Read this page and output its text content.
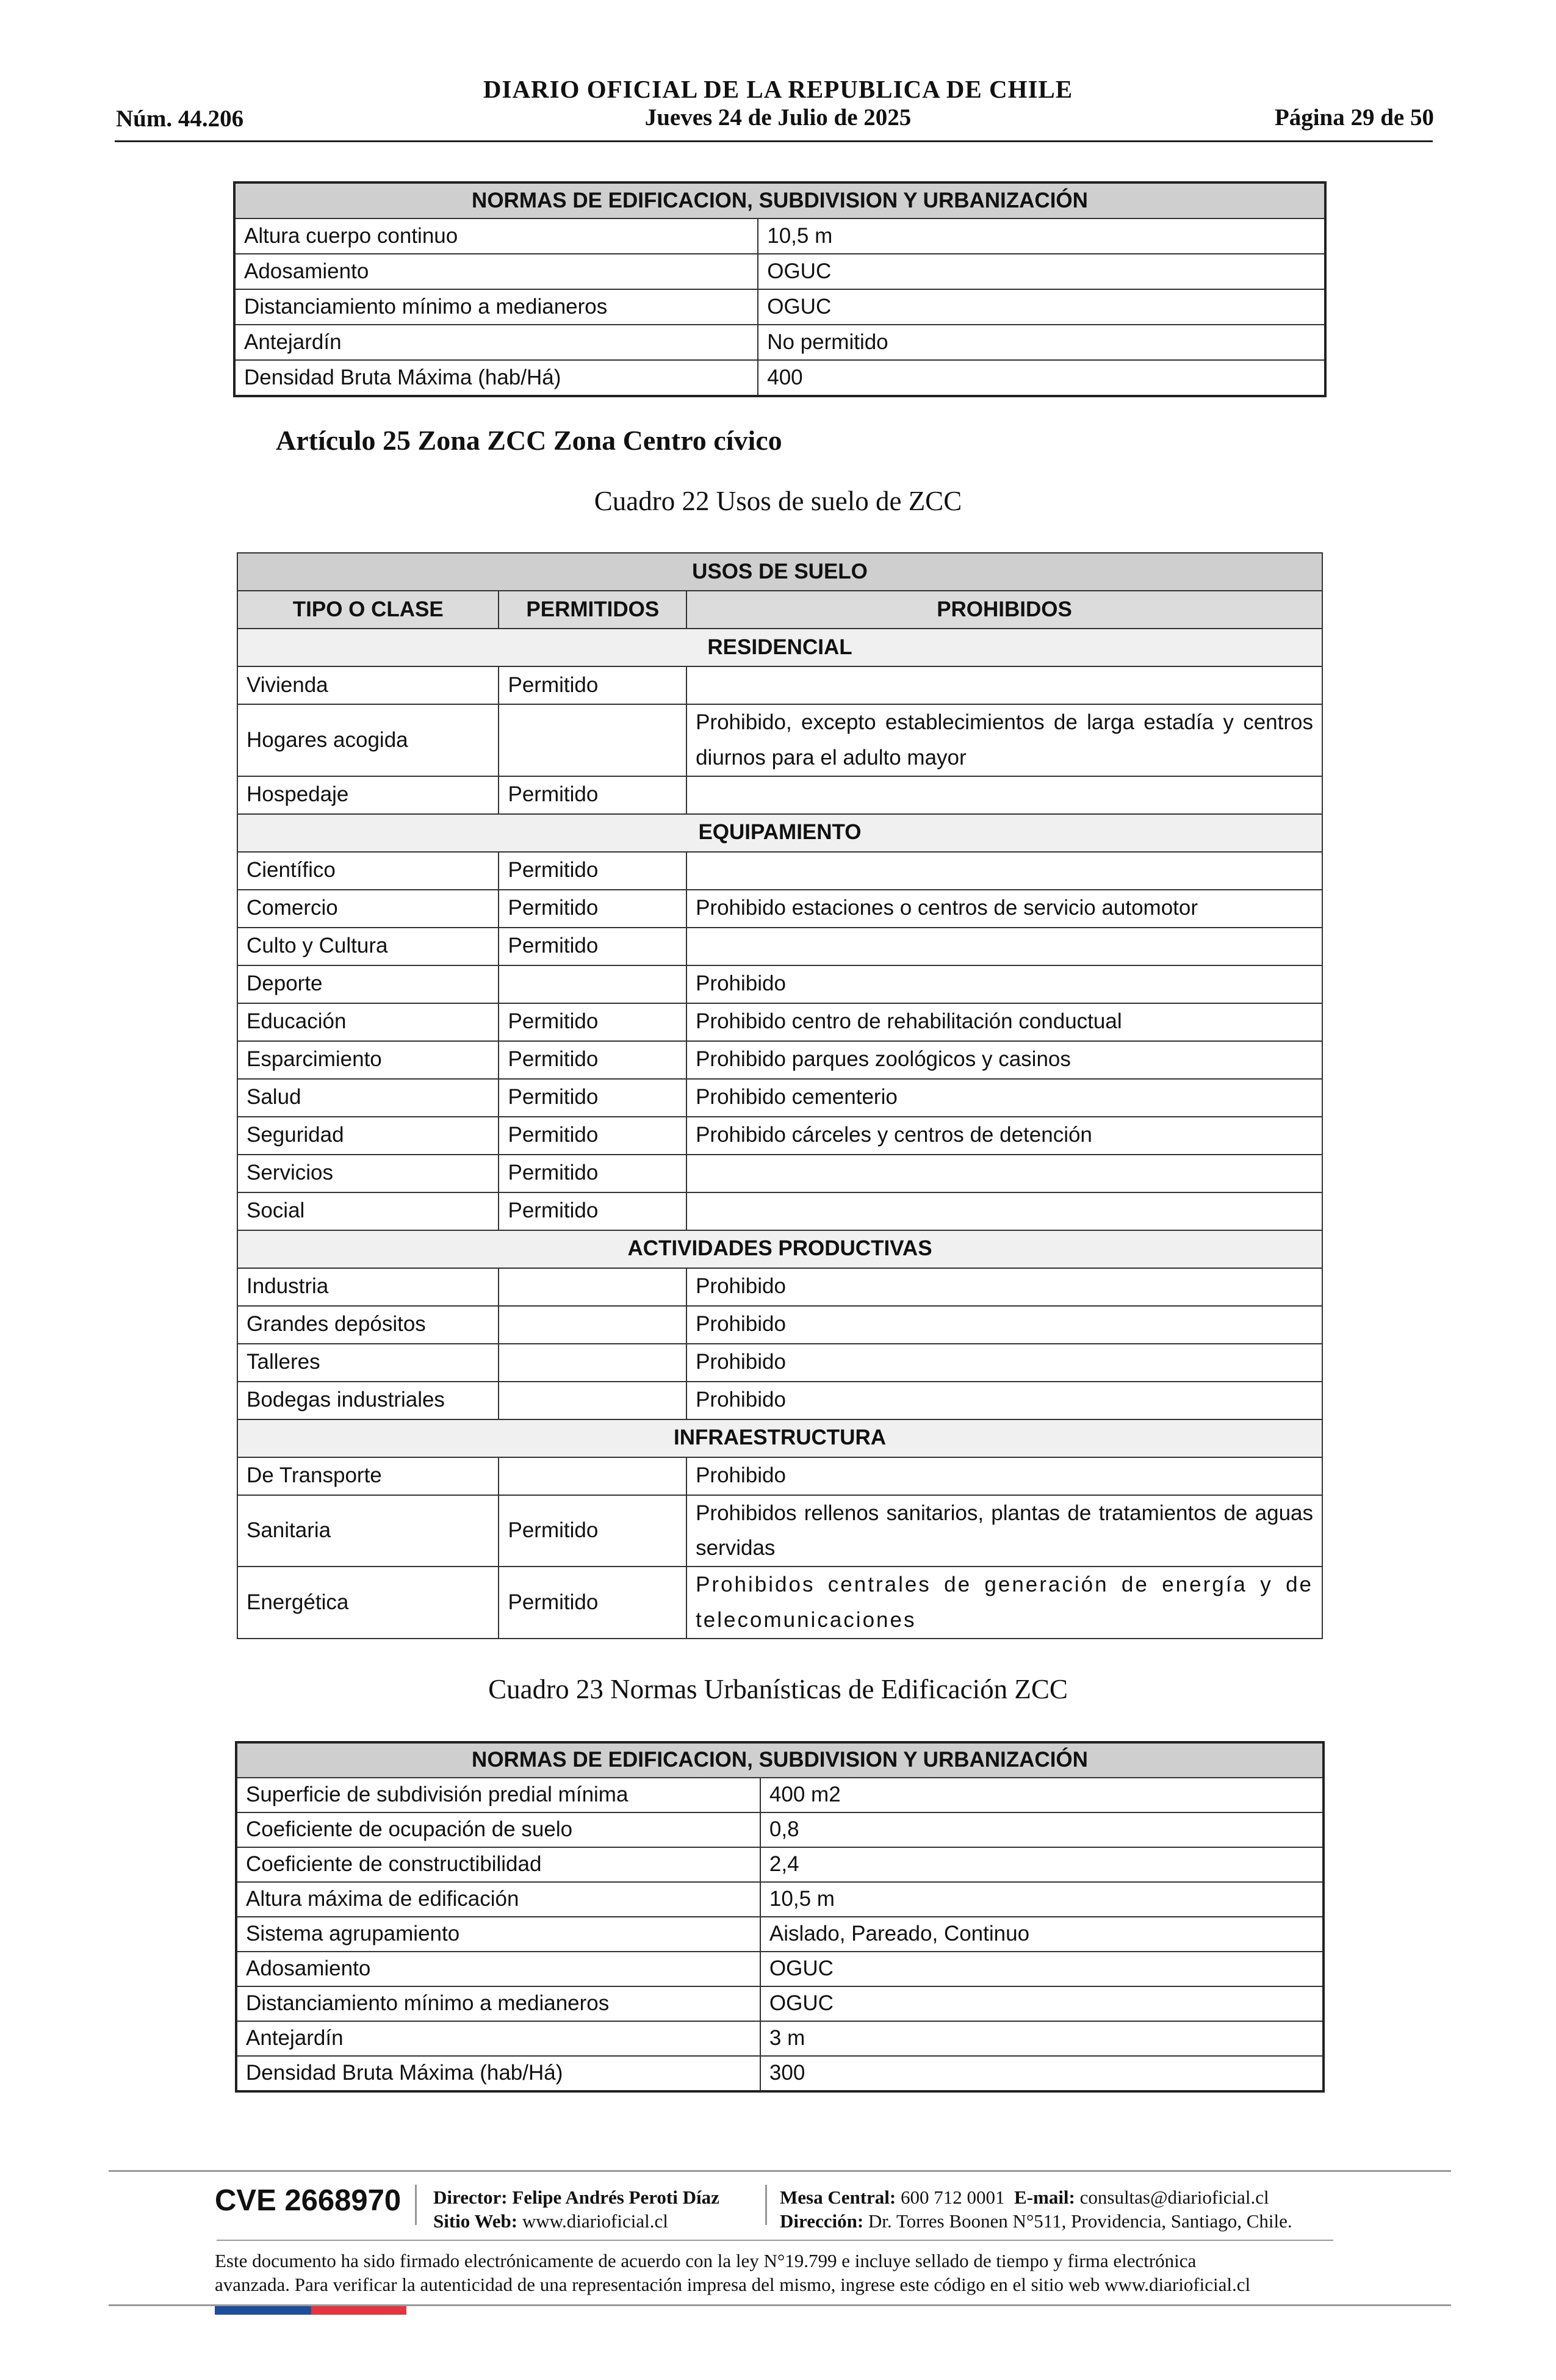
DIARIO OFICIAL DE LA REPUBLICA DE CHILE
Núm. 44.206	Jueves 24 de Julio de 2025	Página 29 de 50
NORMAS DE EDIFICACION, SUBDIVISION Y URBANIZACIÓN	
Altura cuerpo continuo	10,5 m
Adosamiento	OGUC
Distanciamiento mínimo a medianeros	OGUC
Antejardín	No permitido
Densidad Bruta Máxima (hab/Há)	400
Artículo 25 Zona ZCC Zona Centro cívico
Cuadro 22 Usos de suelo de ZCC
USOS DE SUELO		
TIPO O CLASE	PERMITIDOS	PROHIBIDOS
RESIDENCIAL		
Vivienda	Permitido	
Hogares acogida		Prohibido, excepto establecimientos de larga estadía y centros diurnos para el adulto mayor
Hospedaje	Permitido	
EQUIPAMIENTO		
Científico	Permitido	
Comercio	Permitido	Prohibido estaciones o centros de servicio automotor
Culto y Cultura	Permitido	
Deporte		Prohibido
Educación	Permitido	Prohibido centro de rehabilitación conductual
Esparcimiento	Permitido	Prohibido parques zoológicos y casinos
Salud	Permitido	Prohibido cementerio
Seguridad	Permitido	Prohibido cárceles y centros de detención
Servicios	Permitido	
Social	Permitido	
ACTIVIDADES PRODUCTIVAS		
Industria		Prohibido
Grandes depósitos		Prohibido
Talleres		Prohibido
Bodegas industriales		Prohibido
INFRAESTRUCTURA		
De Transporte		Prohibido
Sanitaria	Permitido	Prohibidos rellenos sanitarios, plantas de tratamientos de aguas servidas
Energética	Permitido	Prohibidos centrales de generación de energía y de telecomunicaciones
Cuadro 23 Normas Urbanísticas de Edificación ZCC
NORMAS DE EDIFICACION, SUBDIVISION Y URBANIZACIÓN	
Superficie de subdivisión predial mínima	400 m2
Coeficiente de ocupación de suelo	0,8
Coeficiente de constructibilidad	2,4
Altura máxima de edificación	10,5 m
Sistema agrupamiento	Aislado, Pareado, Continuo
Adosamiento	OGUC
Distanciamiento mínimo a medianeros	OGUC
Antejardín	3 m
Densidad Bruta Máxima (hab/Há)	300
CVE 2668970 Director: Felipe Andrés Peroti Díaz
Sitio Web: www.diarioficial.cl
Mesa Central: 600 712 0001 E-mail: consultas@diarioficial.cl
Dirección: Dr. Torres Boonen N°511, Providencia, Santiago, Chile.
Este documento ha sido firmado electrónicamente de acuerdo con la ley N°19.799 e incluye sellado de tiempo y firma electrónica
avanzada. Para verificar la autenticidad de una representación impresa del mismo, ingrese este código en el sitio web www.diarioficial.cl
